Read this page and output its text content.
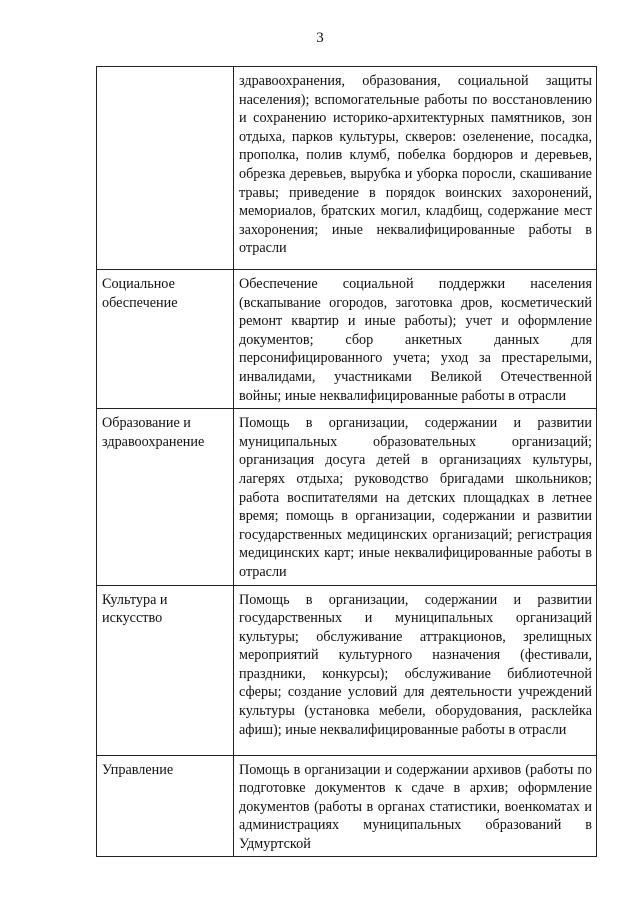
3
	здравоохранения, образования, социальной защиты населения); вспомогательные работы по восстановлению и сохранению историко-архитектурных памятников, зон отдыха, парков культуры, скверов: озеленение, посадка, прополка, полив клумб, побелка бордюров и деревьев, обрезка деревьев, вырубка и уборка поросли, скашивание травы; приведение в порядок воинских захоронений, мемориалов, братских могил, кладбищ, содержание мест захоронения; иные неквалифицированные работы в отрасли
Социальное обеспечение	Обеспечение социальной поддержки населения (вскапывание огородов, заготовка дров, косметический ремонт квартир и иные работы); учет и оформление документов; сбор анкетных данных для персонифицированного учета; уход за престарелыми, инвалидами, участниками Великой Отечественной войны; иные неквалифицированные работы в отрасли
Образование и здравоохранение	Помощь в организации, содержании и развитии муниципальных образовательных организаций; организация досуга детей в организациях культуры, лагерях отдыха; руководство бригадами школьников; работа воспитателями на детских площадках в летнее время; помощь в организации, содержании и развитии государственных медицинских организаций; регистрация медицинских карт; иные неквалифицированные работы в отрасли
Культура и искусство	Помощь в организации, содержании и развитии государственных и муниципальных организаций культуры; обслуживание аттракционов, зрелищных мероприятий культурного назначения (фестивали, праздники, конкурсы); обслуживание библиотечной сферы; создание условий для деятельности учреждений культуры (установка мебели, оборудования, расклейка афиш); иные неквалифицированные работы в отрасли
Управление	Помощь в организации и содержании архивов (работы по подготовке документов к сдаче в архив; оформление документов (работы в органах статистики, военкоматах и администрациях муниципальных образований в Удмуртской
